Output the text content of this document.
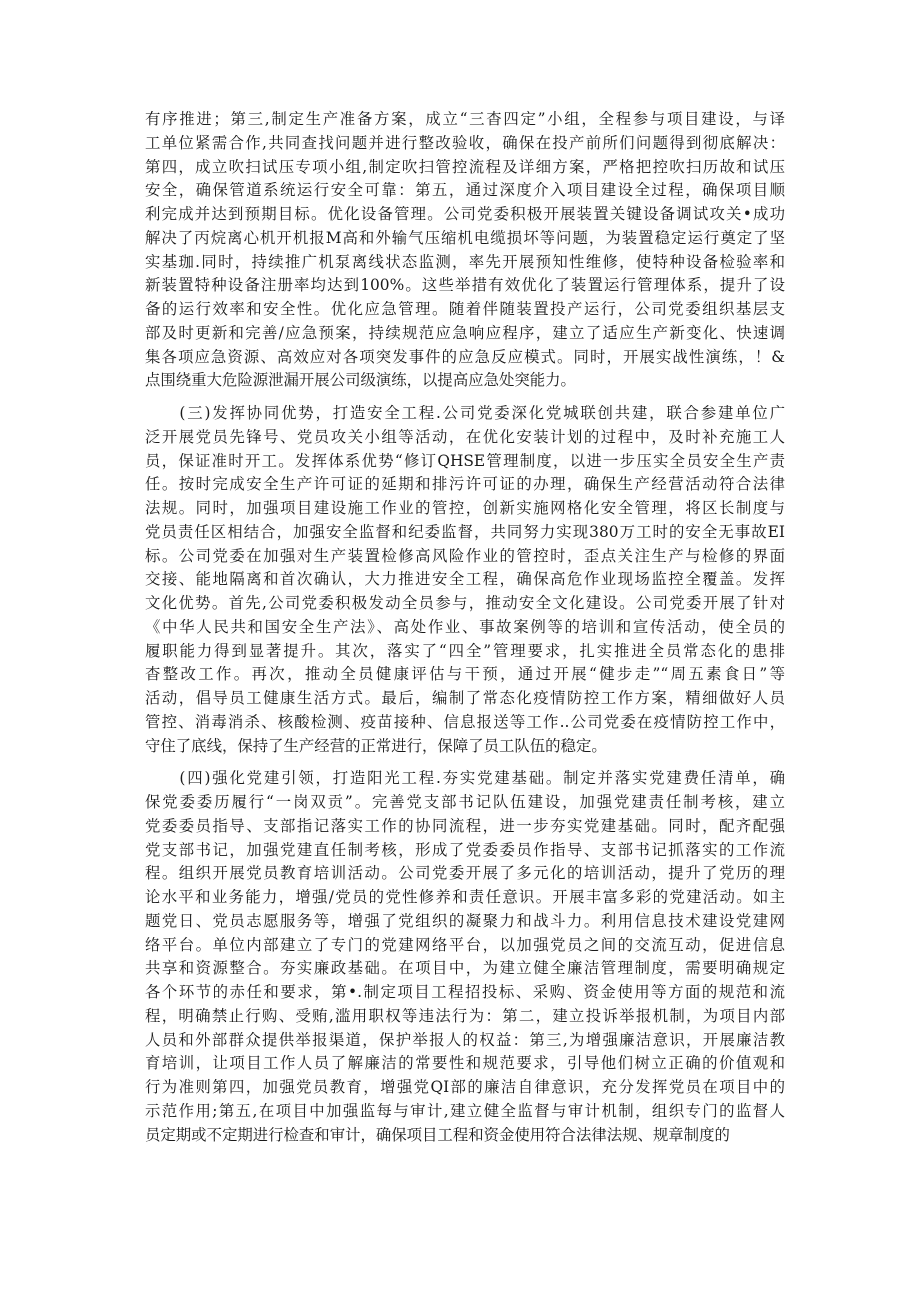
有序推进；第三,制定生产准备方案，成立“三杳四定”小组，全程参与项目建设，与译
工单位紧需合作,共同查找问题并进行整改验收，确保在投产前所们问题得到彻底解决：
第四，成立吹扫试压专项小组,制定吹扫管控流程及详细方案，严格把控吹扫历故和试压
安全，确保管道系统运行安全可靠：第五，通过深度介入项目建设全过程，确保项目顺
利完成并达到预期目标。优化设备管理。公司党委积极开展装置关键设备调试攻关•成功
解决了丙烷离心机开机报M高和外输气压缩机电缆损坏等问题，为装置稳定运行奠定了坚
实基珈.同时，持续推广机泵离线状态监测，率先开展预知性维修，使特种设备检验率和
新装置特种设备注册率均达到100%。这些举措有效优化了装置运行管理体系，提升了设
备的运行效率和安全性。优化应急管理。随着伴随装置投产运行，公司党委组织基层支
部及时更新和完善/应急预案，持续规范应急响应程序，建立了适应生产新变化、快速调
集各项应急资源、高效应对各项突发事件的应急反应模式。同时，开展实战性演练，！&
点围绕重大危险源泄漏开展公司级演练，以提高应急处突能力。
　　(三)发挥协同优势，打造安全工程.公司党委深化党城联创共建，联合参建单位广
泛开展党员先锋号、党员攻关小组等活动，在优化安装计划的过程中，及时补充施工人
员，保证准时开工。发挥体系优势“修订QHSE管理制度，以进一步压实全员安全生产责
任。按时完成安全生产许可证的延期和排污许可证的办理，确保生产经营活动符合法律
法规。同时，加强项目建设施工作业的管控，创新实施网格化安全管理，将区长制度与
党员责任区相结合，加强安全监督和纪委监督，共同努力实现380万工时的安全无事故EI
标。公司党委在加强对生产装置检修高风险作业的管控时，歪点关注生产与检修的界面
交接、能地隔离和首次确认，大力推进安全工程，确保高危作业现场监控全覆盖。发挥
文化优势。首先,公司党委积极发动全员参与，推动安全文化建设。公司党委开展了针对
《中华人民共和国安全生产法》、高处作业、事故案例等的培训和宣传活动，使全员的
履职能力得到显著提升。其次，落实了“四全”管理要求，扎实推进全员常态化的患排
杳整改工作。再次，推动全员健康评估与干预，通过开展“健步走”“周五素食日”等
活动，倡导员工健康生活方式。最后，编制了常态化疫情防控工作方案，精细做好人员
管控、消毒消杀、核酸检测、疫苗接种、信息报送等工作..公司党委在疫情防控工作中，
守住了底线，保持了生产经营的正常进行，保障了员工队伍的稳定。
　　(四)强化党建引领，打造阳光工程.夯实党建基础。制定并落实党建费任清单，确
保党委委历履行“一岗双贡”。完善党支部书记队伍建设，加强党建责任制考核，建立
党委委员指导、支部指记落实工作的协同流程，进一步夯实党建基础。同时，配齐配强
党支部书记，加强党建直任制考核，形成了党委委员作指导、支部书记抓落实的工作流
程。组织开展党员教育培训活动。公司党委开展了多元化的培训活动，提升了党历的理
论水平和业务能力，增强/党员的党性修养和责任意识。开展丰富多彩的党建活动。如主
题党日、党员志愿服务等，增强了党组织的凝聚力和战斗力。利用信息技术建设党建网
络平台。单位内部建立了专门的党建网络平台，以加强党员之间的交流互动，促进信息
共享和资源整合。夯实廉政基础。在项目中，为建立健全廉洁管理制度，需要明确规定
各个环节的赤任和要求，第•.制定项目工程招投标、采购、资金使用等方面的规范和流
程，明确禁止行购、受贿,滥用职权等违法行为：第二，建立投诉举报机制，为项目内部
人员和外部群众提供举报渠道，保护举报人的权益：第三,为增强廉洁意识，开展廉洁教
育培训，让项目工作人员了解廉洁的常要性和规范要求，引导他们树立正确的价值观和
行为准则第四，加强党员教育，增强党QI部的廉洁自律意识，充分发挥党员在项目中的
示范作用;第五,在项目中加强监每与审计,建立健全监督与审计机制，组织专门的监督人
员定期或不定期进行检查和审计，确保项目工程和资金使用符合法律法规、规章制度的
